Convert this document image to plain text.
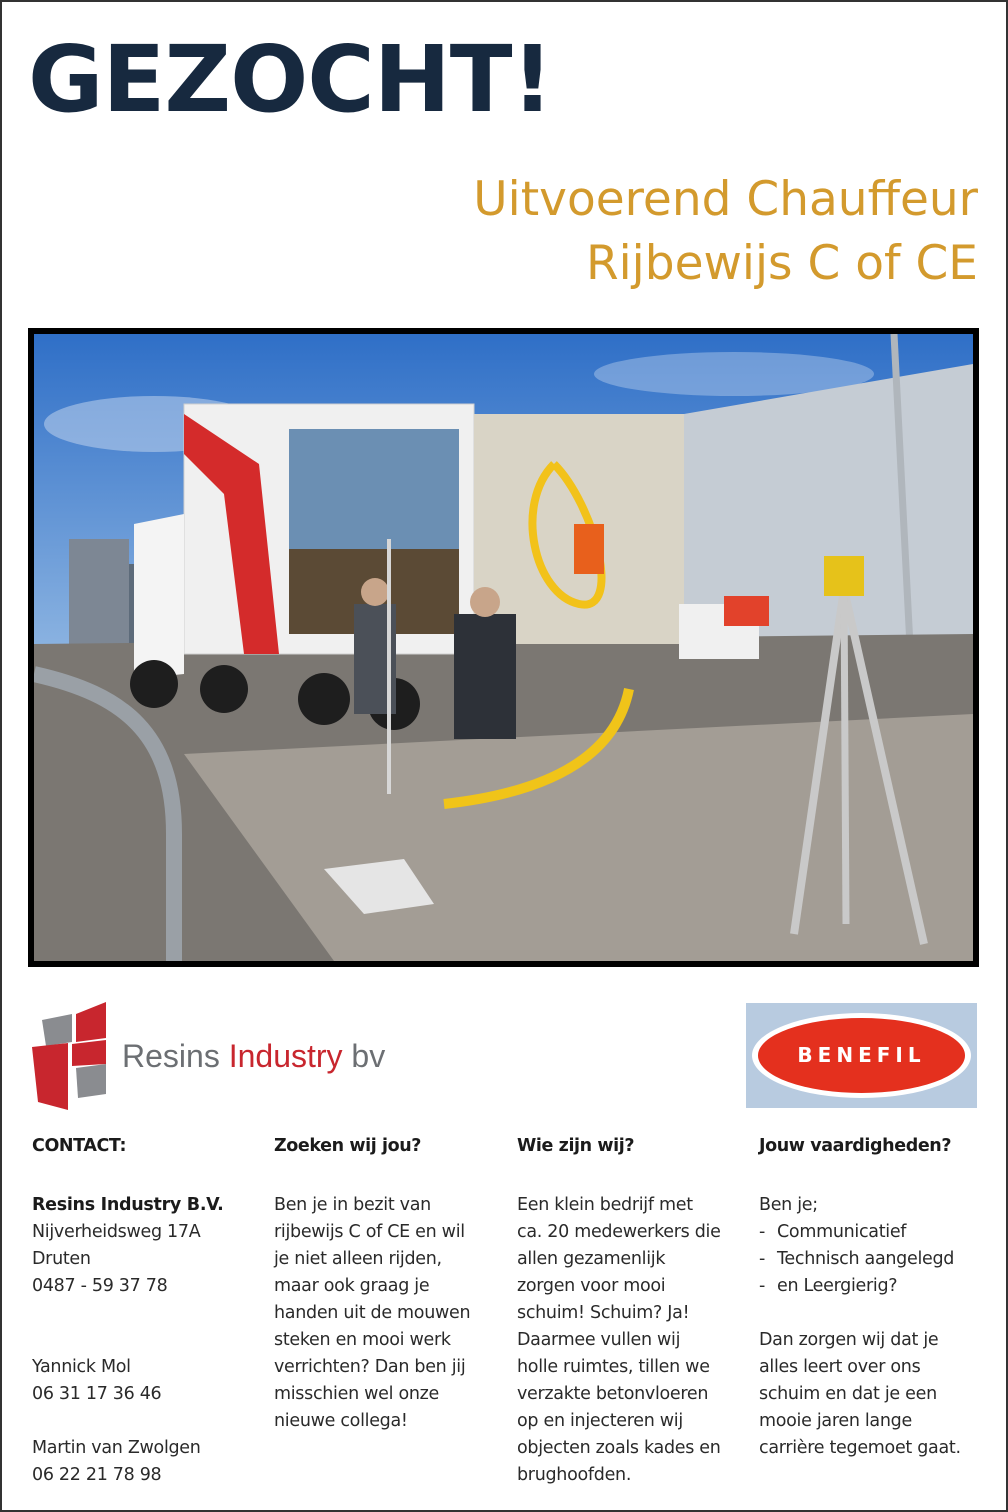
GEZOCHT!
Uitvoerend Chauffeur
Rijbewijs C of CE
Resins Industry bv	BENEFIL
CONTACT:

Resins Industry B.V.

Nijverheidsweg 17A

Druten

0487 - 59 37 78

Yannick Mol

06 31 17 36 46

Martin van Zwolgen

06 22 21 78 98

Zoeken wij jou?

Ben je in bezit van

rijbewijs C of CE en wil

je niet alleen rijden,

maar ook graag je

handen uit de mouwen

steken en mooi werk

verrichten? Dan ben jij

misschien wel onze

nieuwe collega!

Wie zijn wij?

Een klein bedrijf met

ca. 20 medewerkers die

allen gezamenlijk

zorgen voor mooi

schuim! Schuim? Ja!

Daarmee vullen wij

holle ruimtes, tillen we

verzakte betonvloeren

op en injecteren wij

objecten zoals kades en

brughoofden.

Jouw vaardigheden?

Ben je;

- Communicatief
- Technisch aangelegd
- en Leergierig?

Dan zorgen wij dat je

alles leert over ons

schuim en dat je een

mooie jaren lange

carrière tegemoet gaat.
